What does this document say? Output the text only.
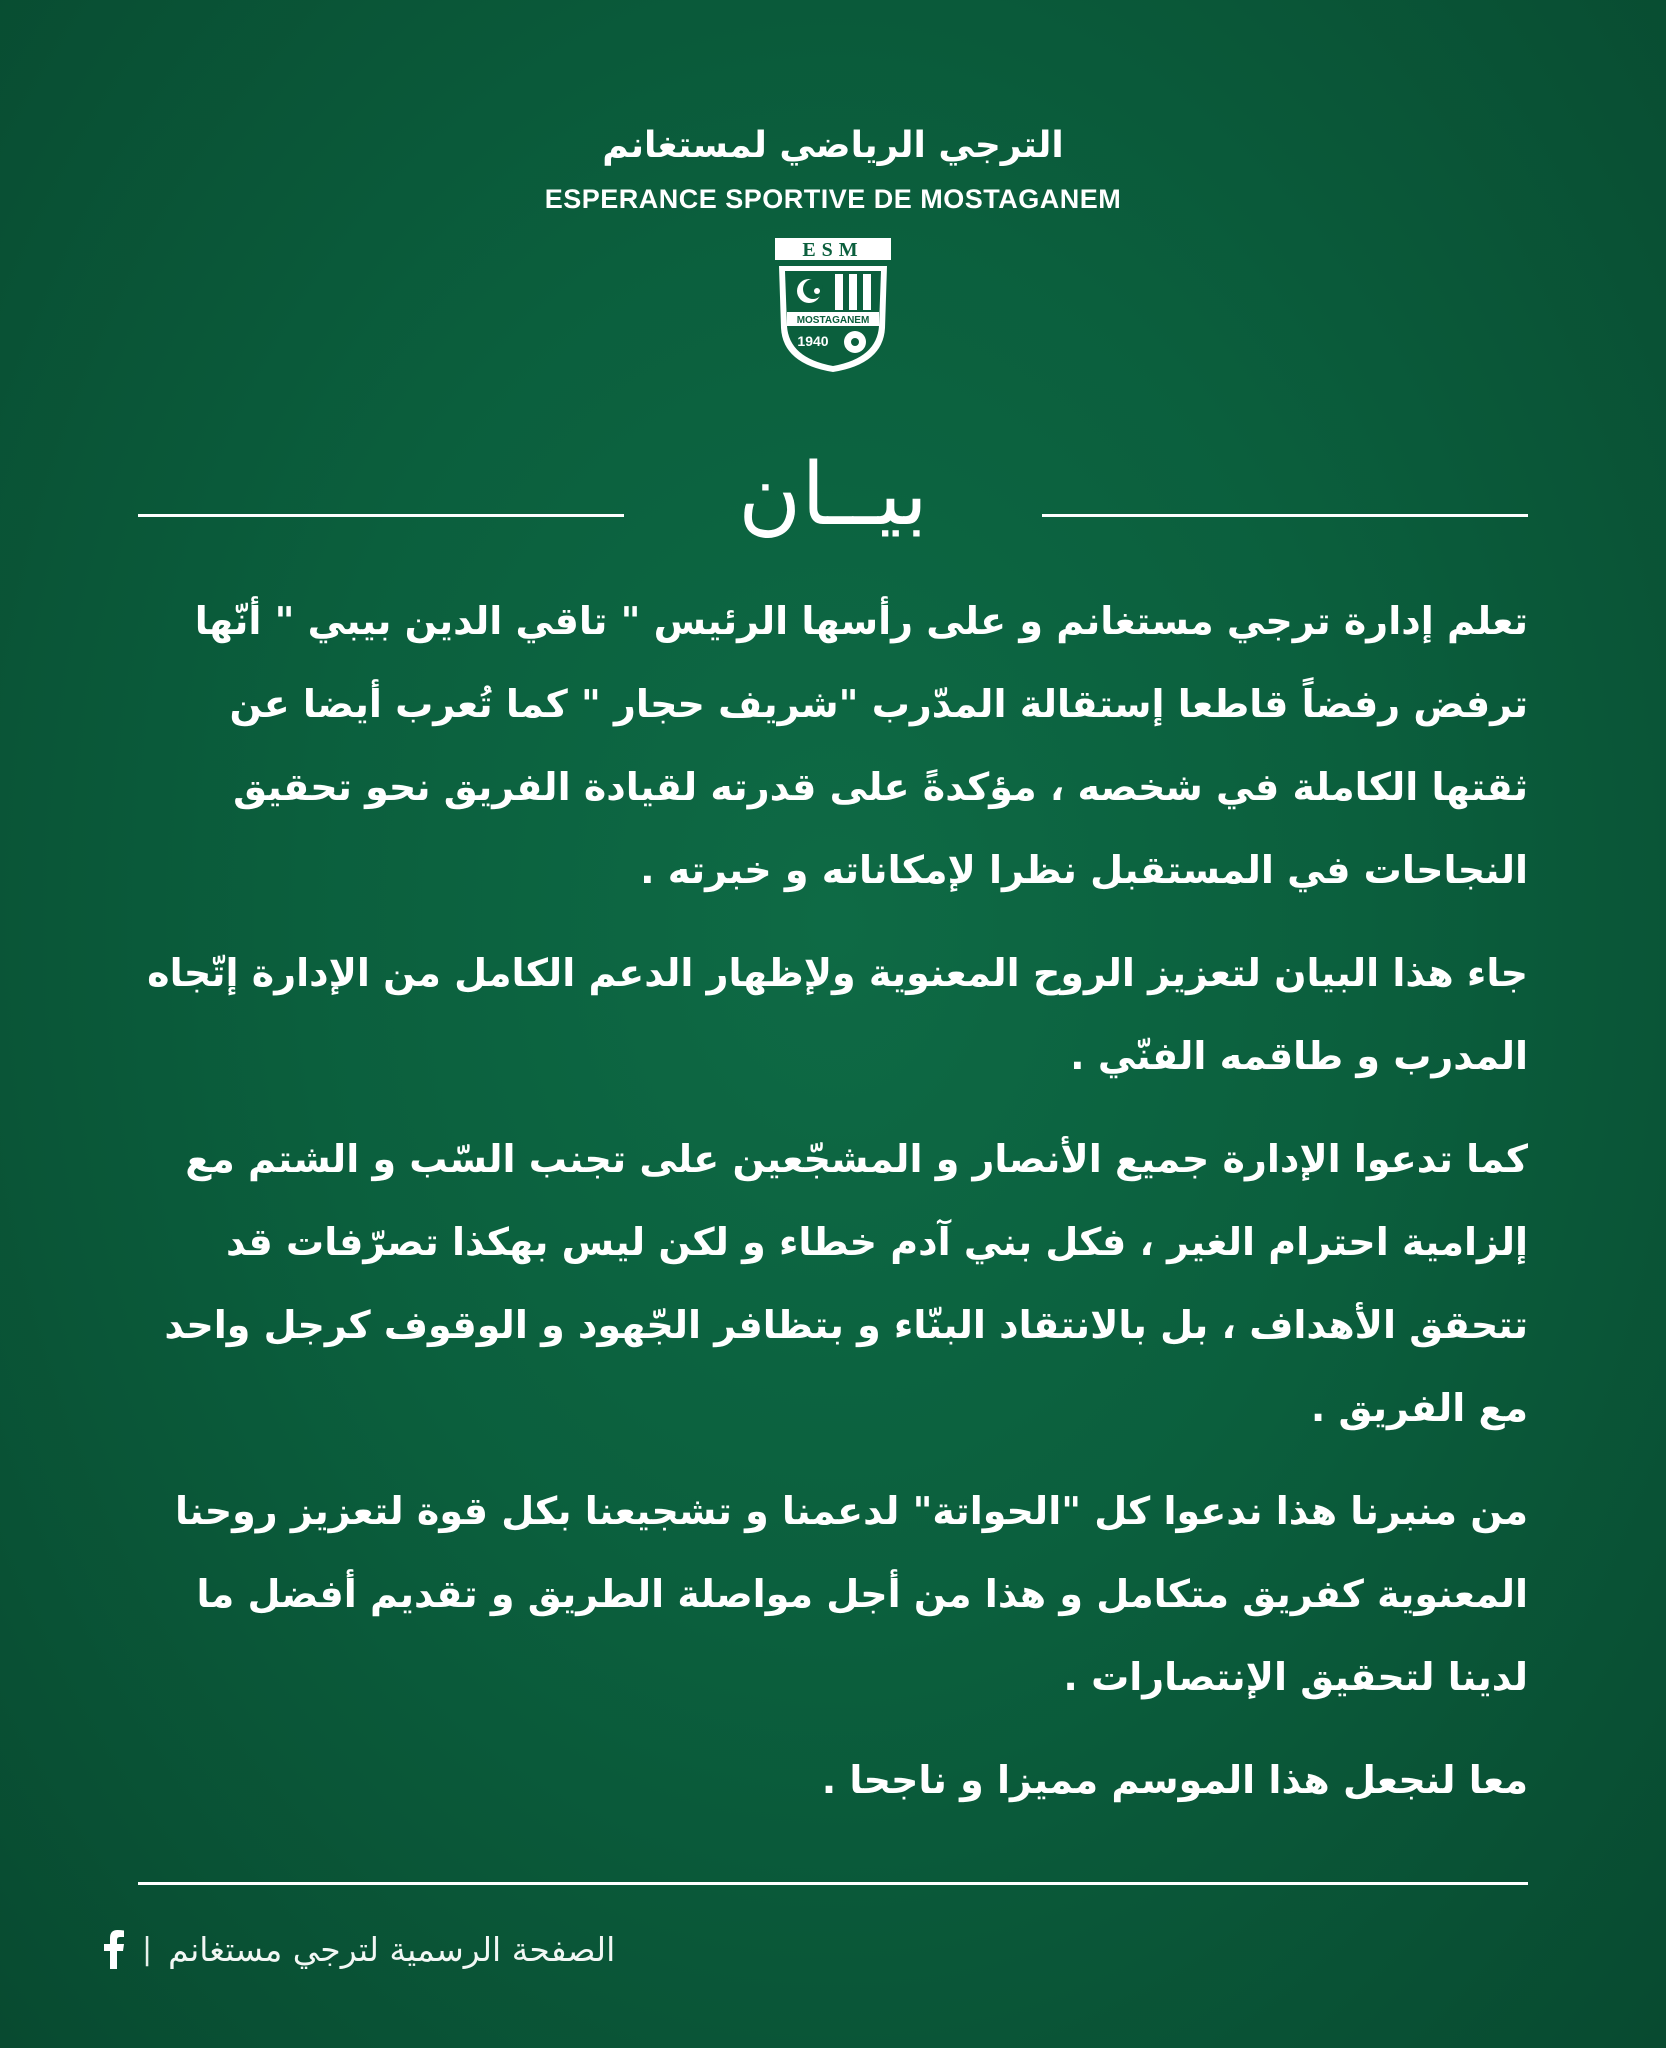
الترجي الرياضي لمستغانم
ESPERANCE SPORTIVE DE MOSTAGANEM
ESM
MOSTAGANEM
1940
بيــان

تعلم إدارة ترجي مستغانم و على رأسها الرئيس " تاقي الدين بيبي " أنّها ترفض رفضاً قاطعا إستقالة المدّرب "شريف حجار " كما تُعرب أيضا عن ثقتها الكاملة في شخصه ، مؤكدةً على قدرته لقيادة الفريق نحو تحقيق النجاحات في المستقبل نظرا لإمكاناته و خبرته .

جاء هذا البيان لتعزيز الروح المعنوية ولإظهار الدعم الكامل من الإدارة إتّجاه المدرب و طاقمه الفنّي .

كما تدعوا الإدارة جميع الأنصار و المشجّعين على تجنب السّب و الشتم مع إلزامية احترام الغير ، فكل بني آدم خطاء و لكن ليس بهكذا تصرّفات قد تتحقق الأهداف ، بل بالانتقاد البنّاء و بتظافر الجّهود و الوقوف كرجل واحد مع الفريق .

من منبرنا هذا ندعوا كل "الحواتة" لدعمنا و تشجيعنا بكل قوة لتعزيز روحنا المعنوية كفريق متكامل و هذا من أجل مواصلة الطريق و تقديم أفضل ما لدينا لتحقيق الإنتصارات .

معا لنجعل هذا الموسم مميزا و ناجحا .

| الصفحة الرسمية لترجي مستغانم
